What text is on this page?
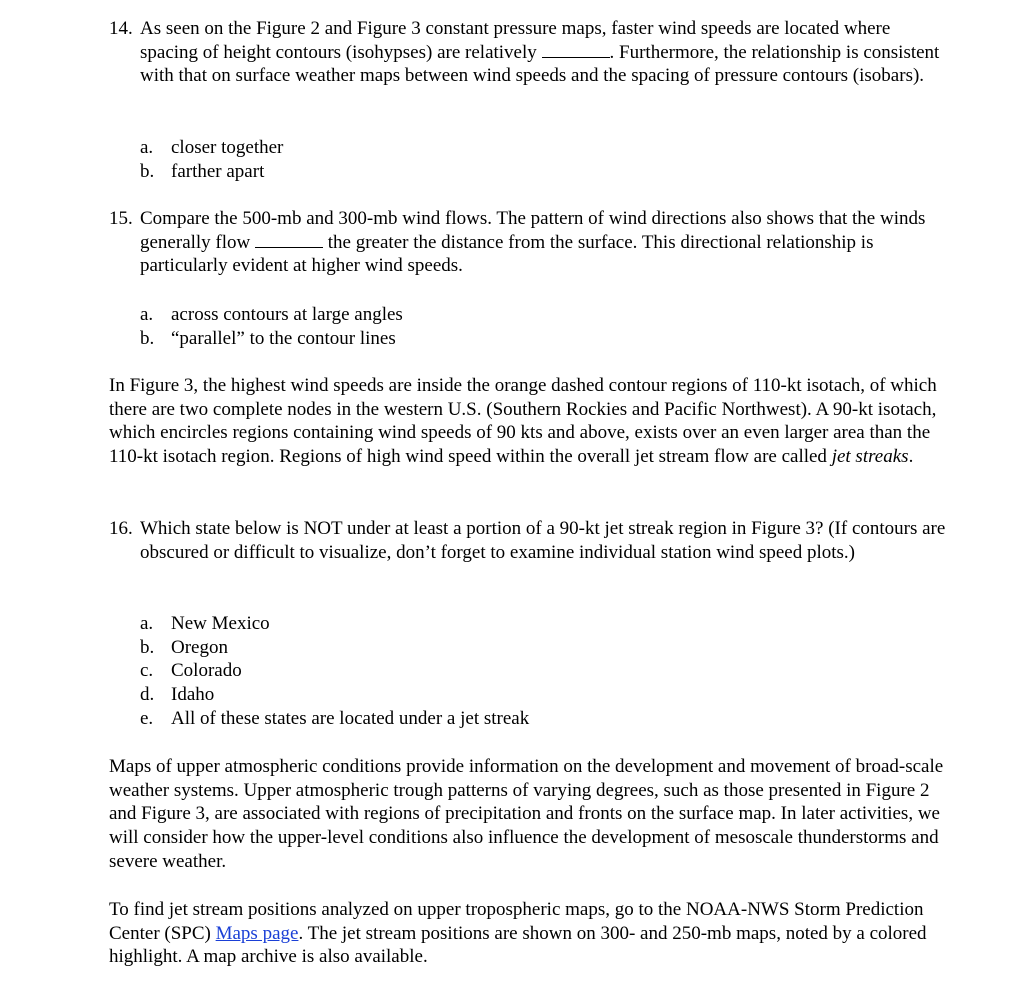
14. As seen on the Figure 2 and Figure 3 constant pressure maps, faster wind speeds are located where spacing of height contours (isohypses) are relatively	. Furthermore, the relationship is consistent with that on surface weather maps between wind speeds and the spacing of pressure contours (isobars).
a. closer together
b. farther apart
15. Compare the 500-mb and 300-mb wind flows. The pattern of wind directions also shows that the winds generally flow	the greater the distance from the surface. This directional relationship is particularly evident at higher wind speeds.
a. across contours at large angles
b. “parallel” to the contour lines

In Figure 3, the highest wind speeds are inside the orange dashed contour regions of 110-kt isotach, of which there are two complete nodes in the western U.S. (Southern Rockies and Pacific Northwest). A 90-kt isotach, which encircles regions containing wind speeds of 90 kts and above, exists over an even larger area than the 110-kt isotach region. Regions of high wind speed within the overall jet stream flow are called jet streaks.

16. Which state below is NOT under at least a portion of a 90-kt jet streak region in Figure 3? (If contours are obscured or difficult to visualize, don’t forget to examine individual station wind speed plots.)
a. New Mexico
b. Oregon
c. Colorado
d. Idaho
e. All of these states are located under a jet streak

Maps of upper atmospheric conditions provide information on the development and movement of broad-scale weather systems. Upper atmospheric trough patterns of varying degrees, such as those presented in Figure 2 and Figure 3, are associated with regions of precipitation and fronts on the surface map. In later activities, we will consider how the upper-level conditions also influence the development of mesoscale thunderstorms and severe weather.

To find jet stream positions analyzed on upper tropospheric maps, go to the NOAA-NWS Storm Prediction Center (SPC) Maps page. The jet stream positions are shown on 300- and 250-mb maps, noted by a colored highlight. A map archive is also available.
